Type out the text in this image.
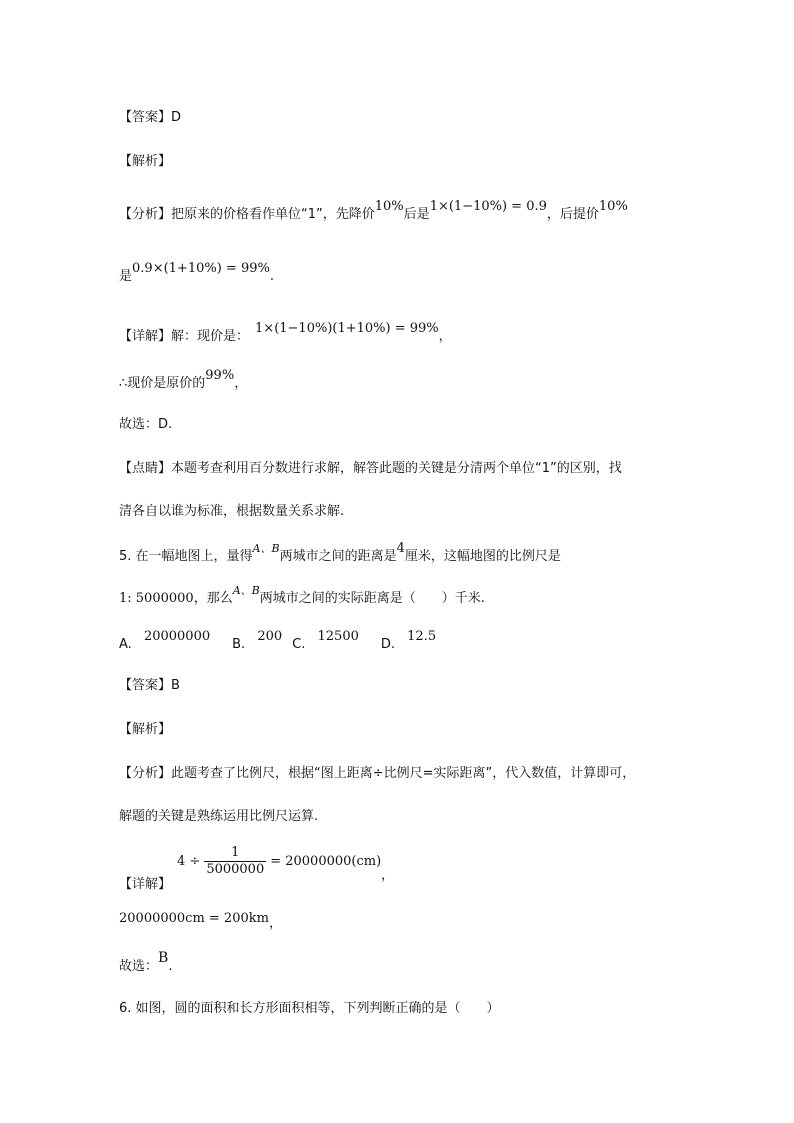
【答案】D
【解析】
【分析】把原来的价格看作单位“1”，先降价10%后是1×(1−10%) = 0.9，后提价10%
是0.9×(1+10%) = 99%.
【详解】解：现价是：1×(1−10%)(1+10%) = 99%，
∴现价是原价的99%，
故选：D.
【点睛】本题考查利用百分数进行求解，解答此题的关键是分清两个单位“1”的区别，找
清各自以谁为标准，根据数量关系求解.
5. 在一幅地图上，量得A、B两城市之间的距离是4厘米，这幅地图的比例尺是
1: 5000000，那么A、B两城市之间的实际距离是（　　）千米.
A. 20000000B. 200C. 12500D. 12.5
【答案】B
【解析】
【分析】此题考查了比例尺，根据“图上距离÷比例尺=实际距离”，代入数值，计算即可，
解题的关键是熟练运用比例尺运算.
【详解】$4 \div \frac{1}{5000000} = 20000000(cm)$，
20000000cm = 200km，
故选：B.
6. 如图，圆的面积和长方形面积相等，下列判断正确的是（　　）
